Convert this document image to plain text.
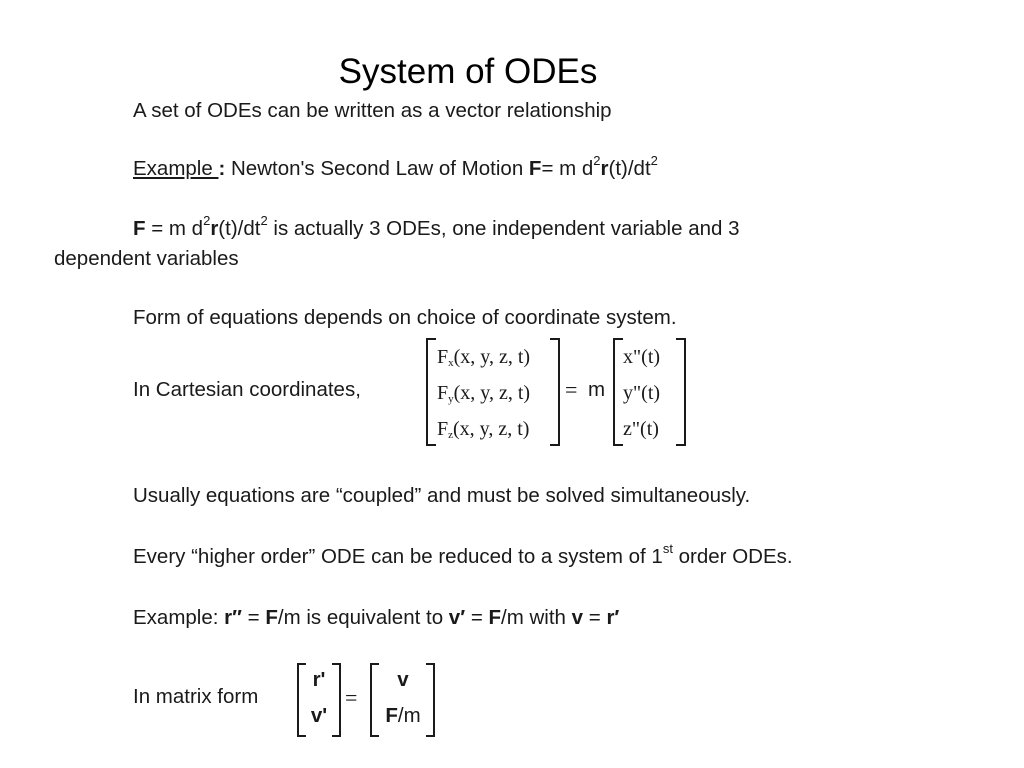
System of ODEs
A set of ODEs can be written as a vector relationship
Example : Newton's Second Law of Motion F= m $d^2r(t)/dt^2$
F = m $d^2r(t)/dt^2$ is actually 3 ODEs, one independent variable and 3
dependent variables
Form of equations depends on choice of coordinate system.
In Cartesian coordinates,
$F_x(x$, y, z, t)
$F_y(x$, y, z, t)
$F_z(x$, y, z, t)
= m
x"(t)
y"(t)
z"(t)
Usually equations are “coupled” and must be solved simultaneously.
Every “higher order” ODE can be reduced to a system of 1st order ODEs.
Example: r″ = F/m is equivalent to v′ = F/m with v = r′
In matrix form
r'
v'
=
v
F/m
